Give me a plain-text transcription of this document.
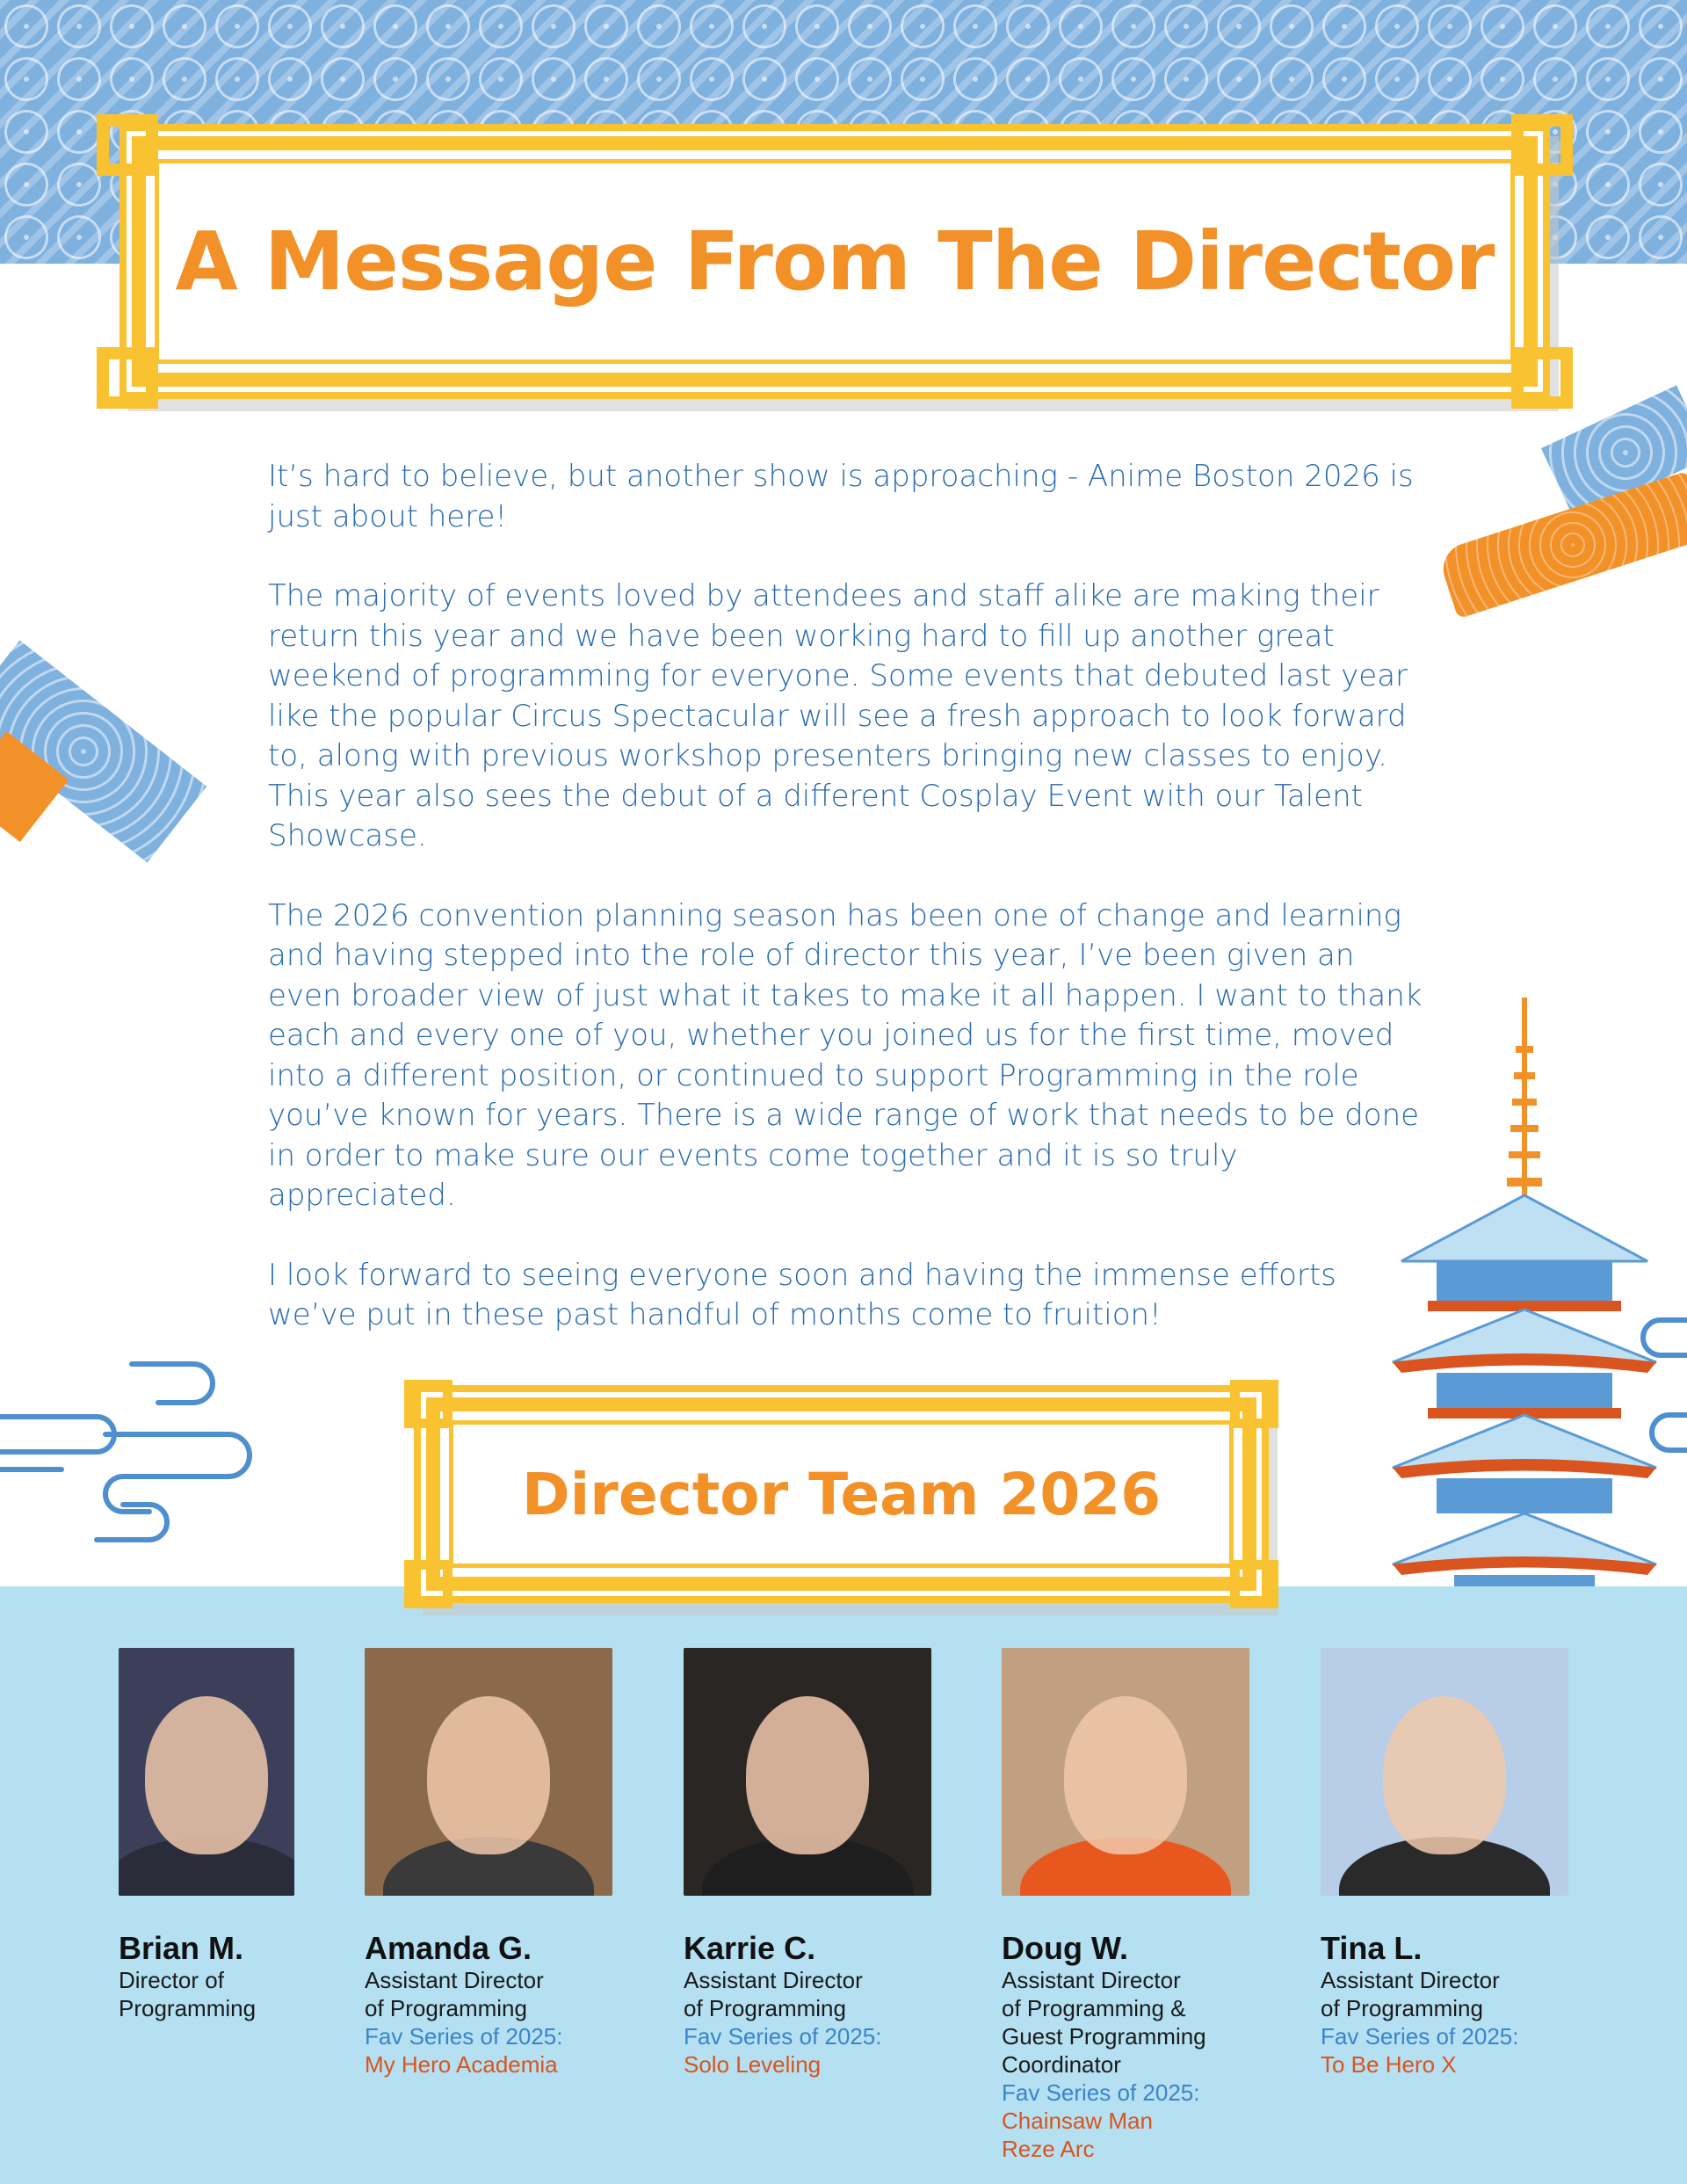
A Message From The Director

It’s hard to believe, but another show is approaching - Anime Boston 2026 is just about here!

The majority of events loved by attendees and staff alike are making their return this year and we have been working hard to fill up another great weekend of programming for everyone. Some events that debuted last year like the popular Circus Spectacular will see a fresh approach to look forward to, along with previous workshop presenters bringing new classes to enjoy. This year also sees the debut of a different Cosplay Event with our Talent Showcase.

The 2026 convention planning season has been one of change and learning and having stepped into the role of director this year, I’ve been given an even broader view of just what it takes to make it all happen. I want to thank each and every one of you, whether you joined us for the first time, moved into a different position, or continued to support Programming in the role you’ve known for years. There is a wide range of work that needs to be done in order to make sure our events come together and it is so truly appreciated.

I look forward to seeing everyone soon and having the immense efforts we’ve put in these past handful of months come to fruition!

Director Team 2026
Brian M.
Director of
Programming
Amanda G.
Assistant Director
of Programming
Fav Series of 2025:
My Hero Academia
Karrie C.
Assistant Director
of Programming
Fav Series of 2025:
Solo Leveling
Doug W.
Assistant Director
of Programming &
Guest Programming
Coordinator
Fav Series of 2025:
Chainsaw Man
Reze Arc
Tina L.
Assistant Director
of Programming
Fav Series of 2025:
To Be Hero X
